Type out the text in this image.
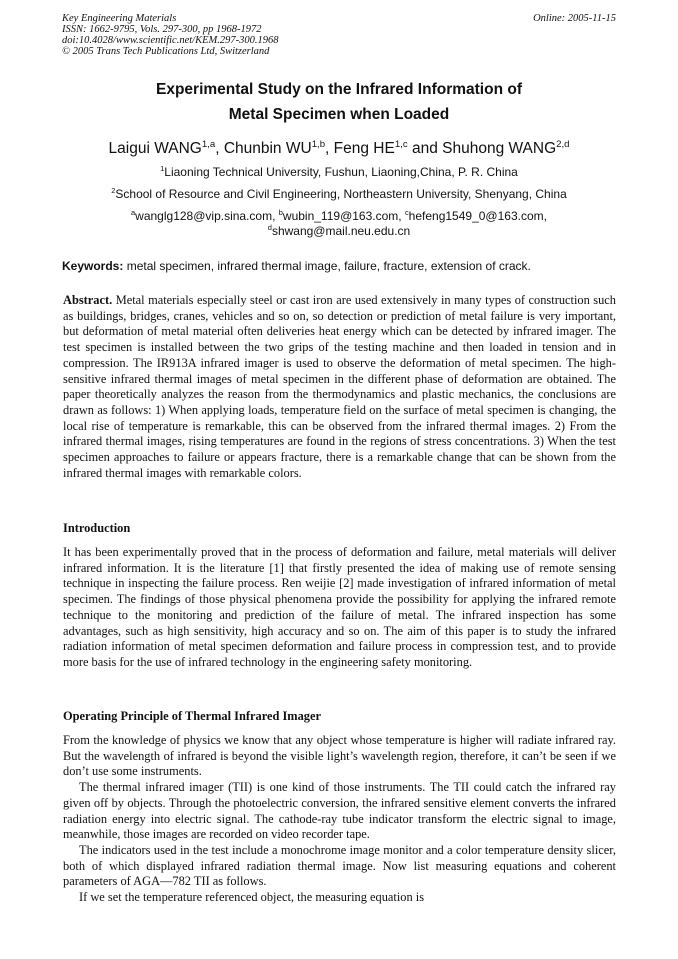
Key Engineering Materials
ISSN: 1662-9795, Vols. 297-300, pp 1968-1972
doi:10.4028/www.scientific.net/KEM.297-300.1968
© 2005 Trans Tech Publications Ltd, Switzerland
Online: 2005-11-15
Experimental Study on the Infrared Information of
Metal Specimen when Loaded
Laigui WANG$^{1,a}$, Chunbin WU$^{1,b}$, Feng HE$^{1,c}$ and Shuhong WANG$^{2,d}$
$^1$Liaoning Technical University, Fushun, Liaoning,China, P. R. China
$^2$School of Resource and Civil Engineering, Northeastern University, Shenyang, China
$^a$wanglg128@vip.sina.com, $^b$wubin_119@163.com, $^c$hefeng1549_0@163.com,
$^d$shwang@mail.neu.edu.cn
Keywords: metal specimen, infrared thermal image, failure, fracture, extension of crack.

Abstract. Metal materials especially steel or cast iron are used extensively in many types of construction such as buildings, bridges, cranes, vehicles and so on, so detection or prediction of metal failure is very important, but deformation of metal material often deliveries heat energy which can be detected by infrared imager. The test specimen is installed between the two grips of the testing machine and then loaded in tension and in compression. The IR913A infrared imager is used to observe the deformation of metal specimen. The high-sensitive infrared thermal images of metal specimen in the different phase of deformation are obtained. The paper theoretically analyzes the reason from the thermodynamics and plastic mechanics, the conclusions are drawn as follows: 1) When applying loads, temperature field on the surface of metal specimen is changing, the local rise of temperature is remarkable, this can be observed from the infrared thermal images. 2) From the infrared thermal images, rising temperatures are found in the regions of stress concentrations. 3) When the test specimen approaches to failure or appears fracture, there is a remarkable change that can be shown from the infrared thermal images with remarkable colors.

Introduction

It has been experimentally proved that in the process of deformation and failure, metal materials will deliver infrared information. It is the literature [1] that firstly presented the idea of making use of remote sensing technique in inspecting the failure process. Ren weijie [2] made investigation of infrared information of metal specimen. The findings of those physical phenomena provide the possibility for applying the infrared remote technique to the monitoring and prediction of the failure of metal. The infrared inspection has some advantages, such as high sensitivity, high accuracy and so on. The aim of this paper is to study the infrared radiation information of metal specimen deformation and failure process in compression test, and to provide more basis for the use of infrared technology in the engineering safety monitoring.

Operating Principle of Thermal Infrared Imager

From the knowledge of physics we know that any object whose temperature is higher will radiate infrared ray. But the wavelength of infrared is beyond the visible light’s wavelength region, therefore, it can’t be seen if we don’t use some instruments.

The thermal infrared imager (TII) is one kind of those instruments. The TII could catch the infrared ray given off by objects. Through the photoelectric conversion, the infrared sensitive element converts the infrared radiation energy into electric signal. The cathode-ray tube indicator transform the electric signal to image, meanwhile, those images are recorded on video recorder tape.

The indicators used in the test include a monochrome image monitor and a color temperature density slicer, both of which displayed infrared radiation thermal image. Now list measuring equations and coherent parameters of AGA—782 TII as follows.

If we set the temperature referenced object, the measuring equation is
